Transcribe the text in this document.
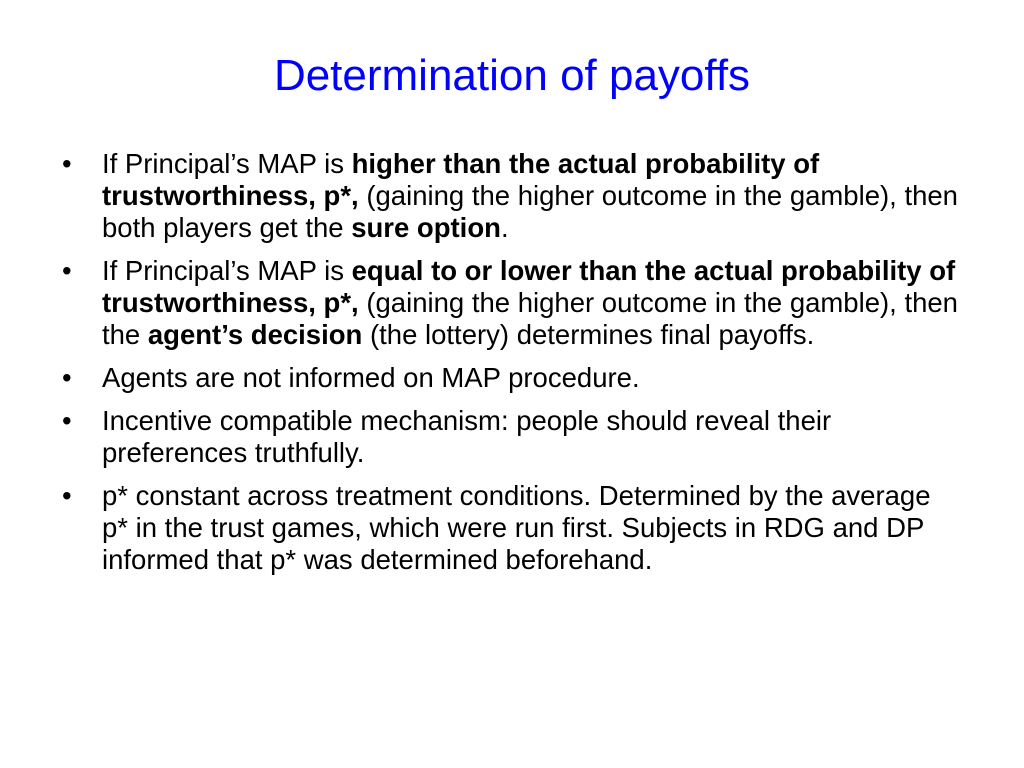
Determination of payoffs
•	If Principal’s MAP is higher than the actual probability of trustworthiness, p*, (gaining the higher outcome in the gamble), then both players get the sure option.
•	If Principal’s MAP is equal to or lower than the actual probability of trustworthiness, p*, (gaining the higher outcome in the gamble), then the agent’s decision (the lottery) determines final payoffs.
•	Agents are not informed on MAP procedure.
•	Incentive compatible mechanism: people should reveal their preferences truthfully.
•	p* constant across treatment conditions. Determined by the average p* in the trust games, which were run first. Subjects in RDG and DP informed that p* was determined beforehand.
